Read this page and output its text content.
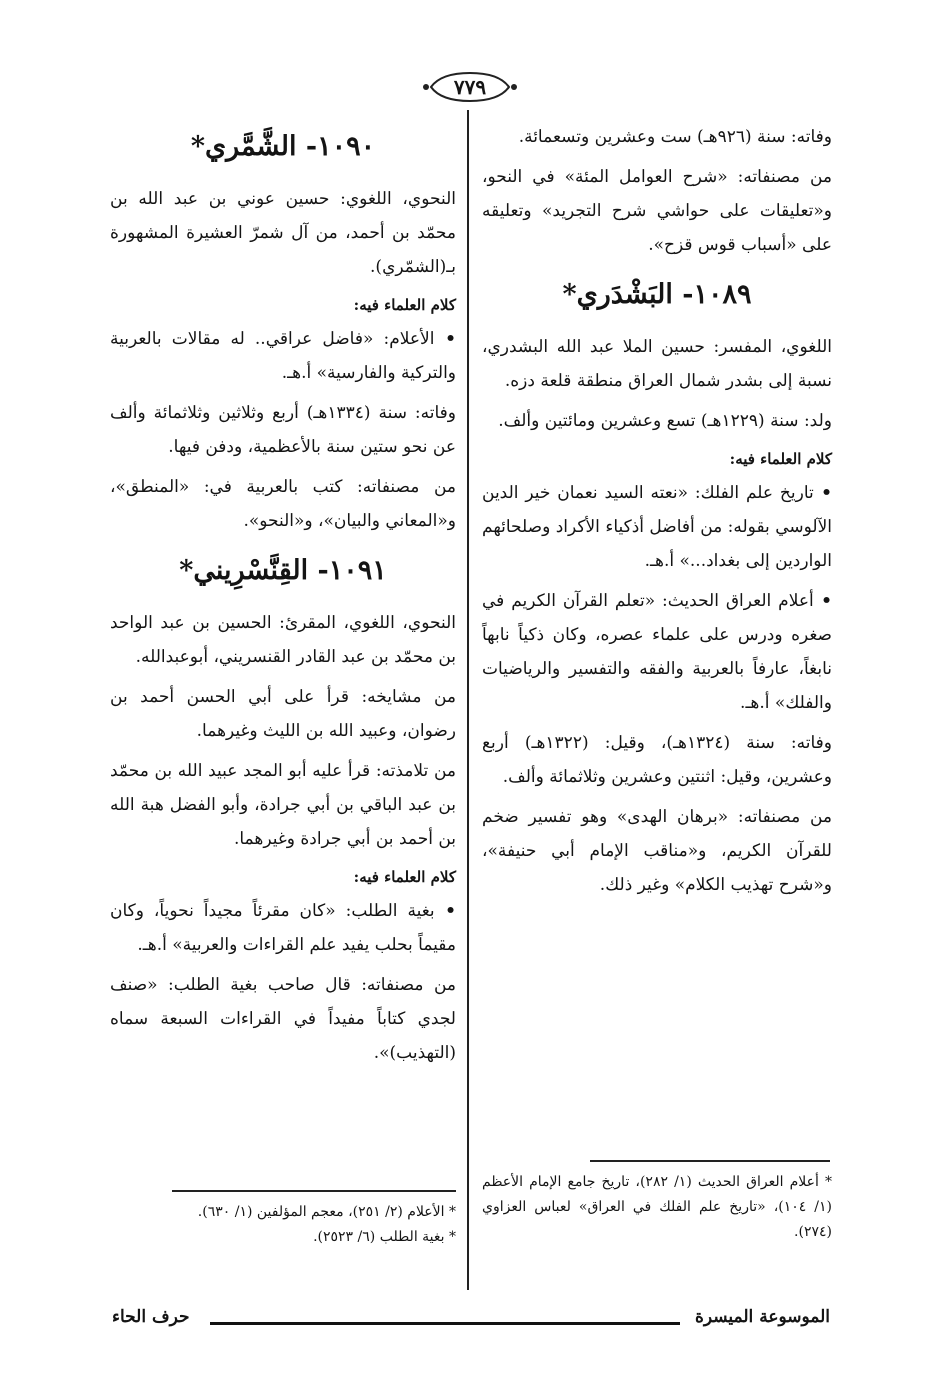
٧٧٩

وفاته: سنة (٩٢٦هـ) ست وعشرين وتسعمائة.

من مصنفاته: «شرح العوامل المئة» في النحو، و«تعليقات على حواشي شرح التجريد» وتعليقه على «أسباب قوس قزح».

١٠٨٩- البَشْدَري*

اللغوي، المفسر: حسين الملا عبد الله البشدري، نسبة إلى بشدر شمال العراق منطقة قلعة دزه.

ولد: سنة (١٢٢٩هـ) تسع وعشرين ومائتين وألف.

كلام العلماء فيه:

• تاريخ علم الفلك: «نعته السيد نعمان خير الدين الآلوسي بقوله: من أفاضل أذكياء الأكراد وصلحائهم الواردين إلى بغداد...» أ.هـ.

• أعلام العراق الحديث: «تعلم القرآن الكريم في صغره ودرس على علماء عصره، وكان ذكياً نابهاً نابغاً، عارفاً بالعربية والفقه والتفسير والرياضيات والفلك» أ.هـ.

وفاته: سنة (١٣٢٤هـ)، وقيل: (١٣٢٢هـ) أربع وعشرين، وقيل: اثنتين وعشرين وثلاثمائة وألف.

من مصنفاته: «برهان الهدى» وهو تفسير ضخم للقرآن الكريم، و«مناقب الإمام أبي حنيفة»، و«شرح تهذيب الكلام» وغير ذلك.

* أعلام العراق الحديث (١/ ٢٨٢)، تاريخ جامع الإمام الأعظم (١/ ١٠٤)، «تاريخ علم الفلك في العراق» لعباس العزاوي (٢٧٤).
١٠٩٠- الشَّمَّري*

النحوي، اللغوي: حسين عوني بن عبد الله بن محمّد بن أحمد، من آل شمرّ العشيرة المشهورة بـ(الشمّري).

كلام العلماء فيه:

• الأعلام: «فاضل عراقي.. له مقالات بالعربية والتركية والفارسية» أ.هـ.

وفاته: سنة (١٣٣٤هـ) أربع وثلاثين وثلاثمائة وألف عن نحو ستين سنة بالأعظمية، ودفن فيها.

من مصنفاته: كتب بالعربية في: «المنطق»، و«المعاني والبيان»، و«النحو».

١٠٩١- القِنَّسْرِيني*

النحوي، اللغوي، المقرئ: الحسين بن عبد الواحد بن محمّد بن عبد القادر القنسريني، أبوعبدالله.

من مشايخه: قرأ على أبي الحسن أحمد بن رضوان، وعبيد الله بن الليث وغيرهما.

من تلامذته: قرأ عليه أبو المجد عبيد الله بن محمّد بن عبد الباقي بن أبي جرادة، وأبو الفضل هبة الله بن أحمد بن أبي جرادة وغيرهما.

كلام العلماء فيه:

• بغية الطلب: «كان مقرئاً مجيداً نحوياً، وكان مقيماً بحلب يفيد علم القراءات والعربية» أ.هـ.

من مصنفاته: قال صاحب بغية الطلب: «صنف لجدي كتاباً مفيداً في القراءات السبعة سماه (التهذيب)».

* الأعلام (٢/ ٢٥١)، معجم المؤلفين (١/ ٦٣٠).
* بغية الطلب (٦/ ٢٥٢٣).
الموسوعة الميسرة
حرف الحاء
